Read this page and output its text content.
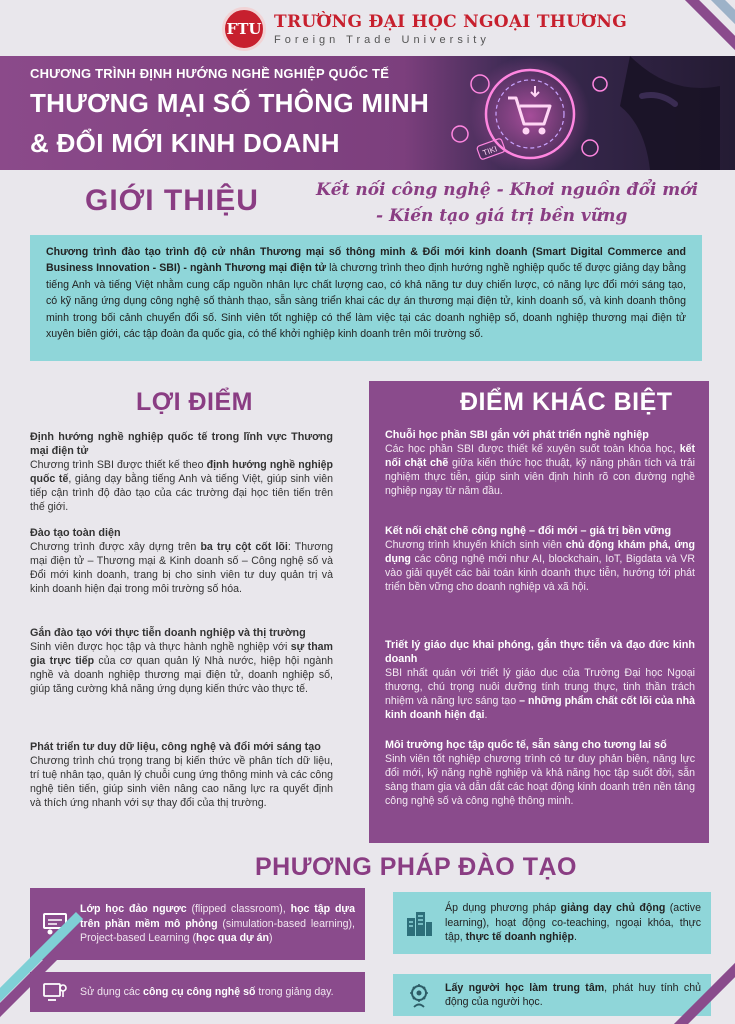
FTU TRƯỜNG ĐẠI HỌC NGOẠI THƯƠNG
Foreign Trade University
CHƯƠNG TRÌNH ĐỊNH HƯỚNG NGHỀ NGHIỆP QUỐC TẾ
THƯƠNG MẠI SỐ THÔNG MINH
& ĐỔI MỚI KINH DOANH	TIKI
GIỚI THIỆU	Kết nối công nghệ - Khơi nguồn đổi mới
- Kiến tạo giá trị bền vững
Chương trình đào tạo trình độ cử nhân Thương mại số thông minh & Đổi mới kinh doanh (Smart Digital Commerce and Business Innovation - SBI) - ngành Thương mại điện tử là chương trình theo định hướng nghề nghiệp quốc tế được giảng dạy bằng tiếng Anh và tiếng Việt nhằm cung cấp nguồn nhân lực chất lượng cao, có khả năng tư duy chiến lược, có năng lực đổi mới sáng tạo, có kỹ năng ứng dụng công nghệ số thành thạo, sẵn sàng triển khai các dự án thương mại điện tử, kinh doanh số, và kinh doanh thông minh trong bối cảnh chuyển đổi số. Sinh viên tốt nghiệp có thể làm việc tại các doanh nghiệp số, doanh nghiệp thương mại điện tử xuyên biên giới, các tập đoàn đa quốc gia, có thể khởi nghiệp kinh doanh trên môi trường số.
LỢI ĐIỂM
Định hướng nghề nghiệp quốc tế trong lĩnh vực Thương mại điện tử
Chương trình SBI được thiết kế theo định hướng nghề nghiệp quốc tế, giảng dạy bằng tiếng Anh và tiếng Việt, giúp sinh viên tiếp cận trình độ đào tạo của các trường đại học tiên tiến trên thế giới.
Đào tạo toàn diện
Chương trình được xây dựng trên ba trụ cột cốt lõi: Thương mại điện tử – Thương mại & Kinh doanh số – Công nghệ số và Đổi mới kinh doanh, trang bị cho sinh viên tư duy quản trị và kinh doanh hiện đại trong môi trường số hóa.
Gắn đào tạo với thực tiễn doanh nghiệp và thị trường
Sinh viên được học tập và thực hành nghề nghiệp với sự tham gia trực tiếp của cơ quan quản lý Nhà nước, hiệp hội ngành nghề và doanh nghiệp thương mại điện tử, doanh nghiệp số, giúp tăng cường khả năng ứng dụng kiến thức vào thực tế.
Phát triển tư duy dữ liệu, công nghệ và đổi mới sáng tạo
Chương trình chú trọng trang bị kiến thức về phân tích dữ liệu, trí tuệ nhân tạo, quản lý chuỗi cung ứng thông minh và các công nghệ tiên tiến, giúp sinh viên nâng cao năng lực ra quyết định và thích ứng nhanh với sự thay đổi của thị trường.
ĐIỂM KHÁC BIỆT
Chuỗi học phần SBI gắn với phát triển nghề nghiệp
Các học phần SBI được thiết kế xuyên suốt toàn khóa học, kết nối chặt chẽ giữa kiến thức học thuật, kỹ năng phân tích và trải nghiệm thực tiễn, giúp sinh viên định hình rõ con đường nghề nghiệp ngay từ năm đầu.
Kết nối chặt chẽ công nghệ – đổi mới – giá trị bền vững
Chương trình khuyến khích sinh viên chủ động khám phá, ứng dụng các công nghệ mới như AI, blockchain, IoT, Bigdata và VR vào giải quyết các bài toán kinh doanh thực tiễn, hướng tới phát triển bền vững cho doanh nghiệp và xã hội.
Triết lý giáo dục khai phóng, gắn thực tiễn và đạo đức kinh doanh
SBI nhất quán với triết lý giáo dục của Trường Đại học Ngoại thương, chú trọng nuôi dưỡng tính trung thực, tinh thần trách nhiệm và năng lực sáng tạo – những phẩm chất cốt lõi của nhà kinh doanh hiện đại.
Môi trường học tập quốc tế, sẵn sàng cho tương lai số
Sinh viên tốt nghiệp chương trình có tư duy phản biện, năng lực đổi mới, kỹ năng nghề nghiệp và khả năng học tập suốt đời, sẵn sàng tham gia và dẫn dắt các hoạt động kinh doanh trên nền tảng công nghệ số và công nghệ thông minh.
PHƯƠNG PHÁP ĐÀO TẠO
Lớp học đảo ngược (flipped classroom), học tập dựa trên phần mềm mô phỏng (simulation-based learning), Project-based Learning (học qua dự án)
Áp dụng phương pháp giảng dạy chủ động (active learning), hoạt động co-teaching, ngoại khóa, thực tập, thực tế doanh nghiệp.
Sử dụng các công cụ công nghệ số trong giảng dạy.	Lấy người học làm trung tâm, phát huy tính chủ động của người học.
